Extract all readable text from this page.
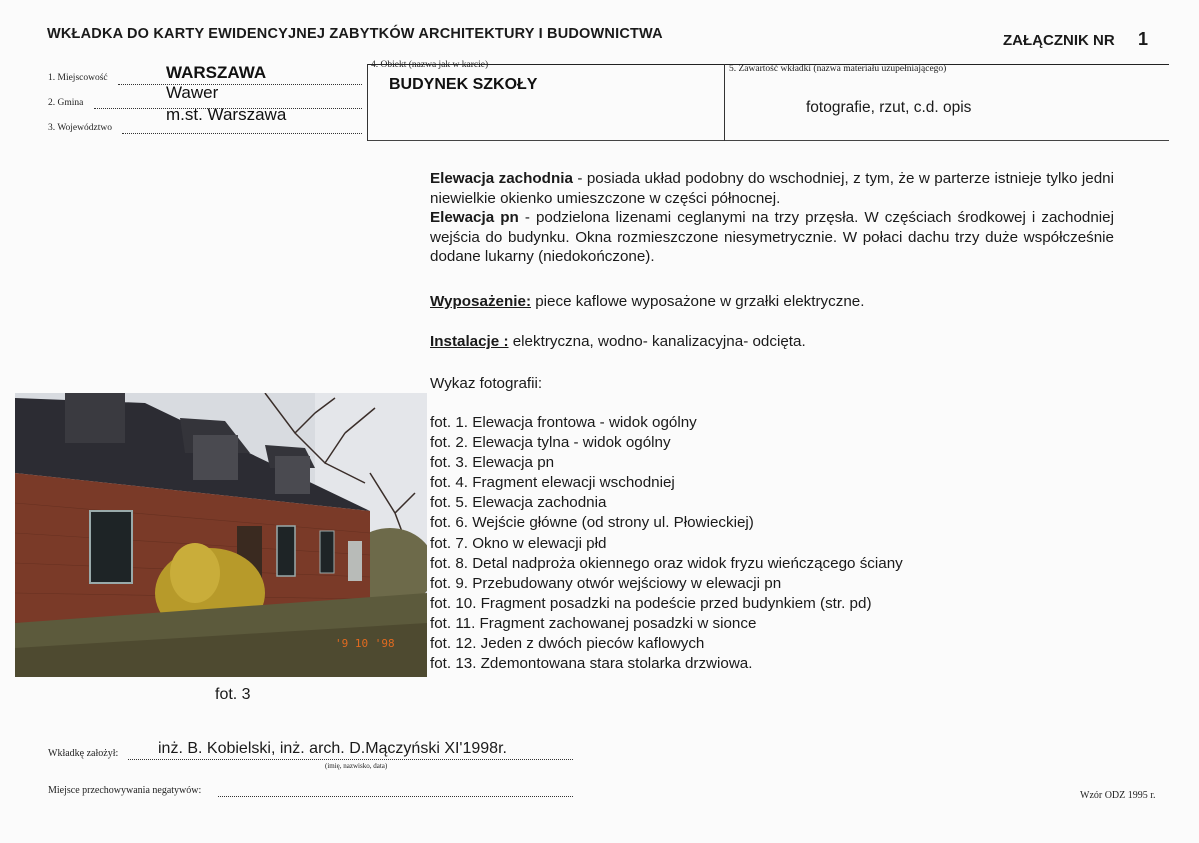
WKŁADKA DO KARTY EWIDENCYJNEJ ZABYTKÓW ARCHITEKTURY I BUDOWNICTWA	ZAŁĄCZNIK NR 1
1. Miejscowość	WARSZAWA
2. Gmina
Wawer
3. Województwo
m.st. Warszawa
4. Obiekt (nazwa jak w karcie)
BUDYNEK SZKOŁY
5. Zawartość wkładki (nazwa materiału uzupełniającego)
fotografie, rzut, c.d. opis
Elewacja zachodnia - posiada układ podobny do wschodniej, z tym, że w parterze istnieje tylko jedni niewielkie okienko umieszczone w części północnej.
Elewacja pn - podzielona lizenami ceglanymi na trzy przęsła. W częściach środkowej i zachodniej wejścia do budynku. Okna rozmieszczone niesymetrycznie. W połaci dachu trzy duże współcześnie dodane lukarny (niedokończone).
Wyposażenie: piece kaflowe wyposażone w grzałki elektryczne.
Instalacje : elektryczna, wodno- kanalizacyjna- odcięta.
Wykaz fotografii:
fot. 1. Elewacja frontowa - widok ogólny
fot. 2. Elewacja tylna - widok ogólny
fot. 3. Elewacja pn
fot. 4. Fragment elewacji wschodniej
fot. 5. Elewacja zachodnia
fot. 6. Wejście główne (od strony ul. Płowieckiej)
fot. 7. Okno w elewacji płd
fot. 8. Detal nadproża okiennego oraz widok fryzu wieńczącego ściany
fot. 9. Przebudowany otwór wejściowy w elewacji pn
fot. 10. Fragment posadzki na podeście przed budynkiem (str. pd)
fot. 11. Fragment zachowanej posadzki w sionce
fot. 12. Jeden z dwóch pieców kaflowych
fot. 13. Zdemontowana stara stolarka drzwiowa.
'9 10 '98
fot. 3
Wkładkę założył: inż. B. Kobielski, inż. arch. D.Mączyński XI'1998r.
(imię, nazwisko, data)
Miejsce przechowywania negatywów:	Wzór ODZ 1995 r.
